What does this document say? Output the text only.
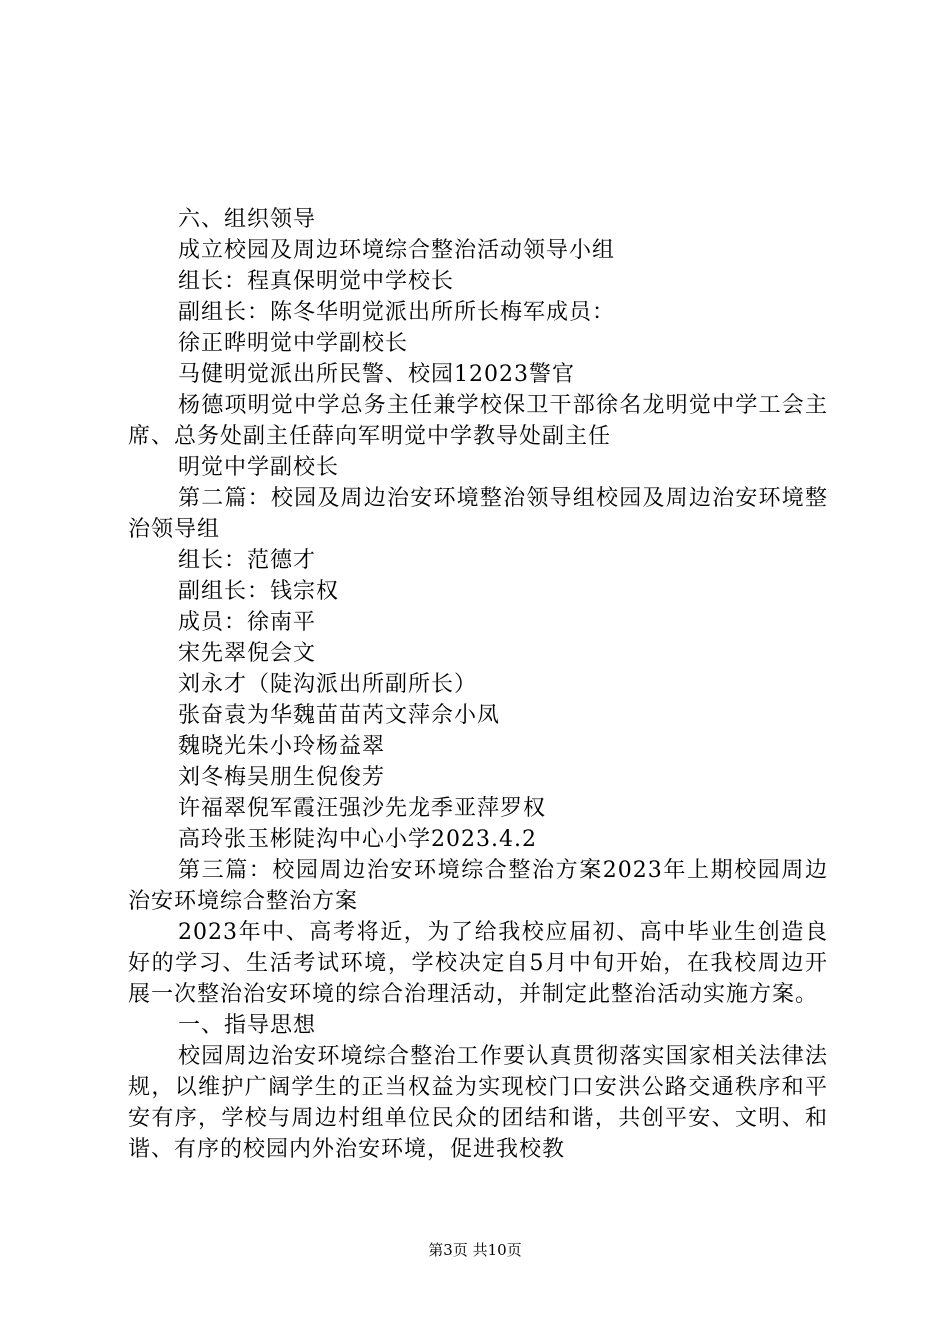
六、组织领导
成立校园及周边环境综合整治活动领导小组
组长：程真保明觉中学校长
副组长：陈冬华明觉派出所所长梅军成员：
徐正晔明觉中学副校长
马健明觉派出所民警、校园12023警官

杨德项明觉中学总务主任兼学校保卫干部徐名龙明觉中学工会主席、总务处副主任薛向军明觉中学教导处副主任

明觉中学副校长

第二篇：校园及周边治安环境整治领导组校园及周边治安环境整治领导组

组长：范德才
副组长：钱宗权
成员：徐南平
宋先翠倪会文
刘永才（陡沟派出所副所长）
张奋袁为华魏苗苗芮文萍佘小凤
魏晓光朱小玲杨益翠
刘冬梅吴朋生倪俊芳
许福翠倪军霞汪强沙先龙季亚萍罗权
高玲张玉彬陡沟中心小学2023.4.2

第三篇：校园周边治安环境综合整治方案2023年上期校园周边治安环境综合整治方案

2023年中、高考将近，为了给我校应届初、高中毕业生创造良好的学习、生活考试环境，学校决定自5月中旬开始，在我校周边开展一次整治治安环境的综合治理活动，并制定此整治活动实施方案。

一、指导思想

校园周边治安环境综合整治工作要认真贯彻落实国家相关法律法规，以维护广阔学生的正当权益为实现校门口安洪公路交通秩序和平安有序，学校与周边村组单位民众的团结和谐，共创平安、文明、和谐、有序的校园内外治安环境，促进我校教

第3页 共10页
